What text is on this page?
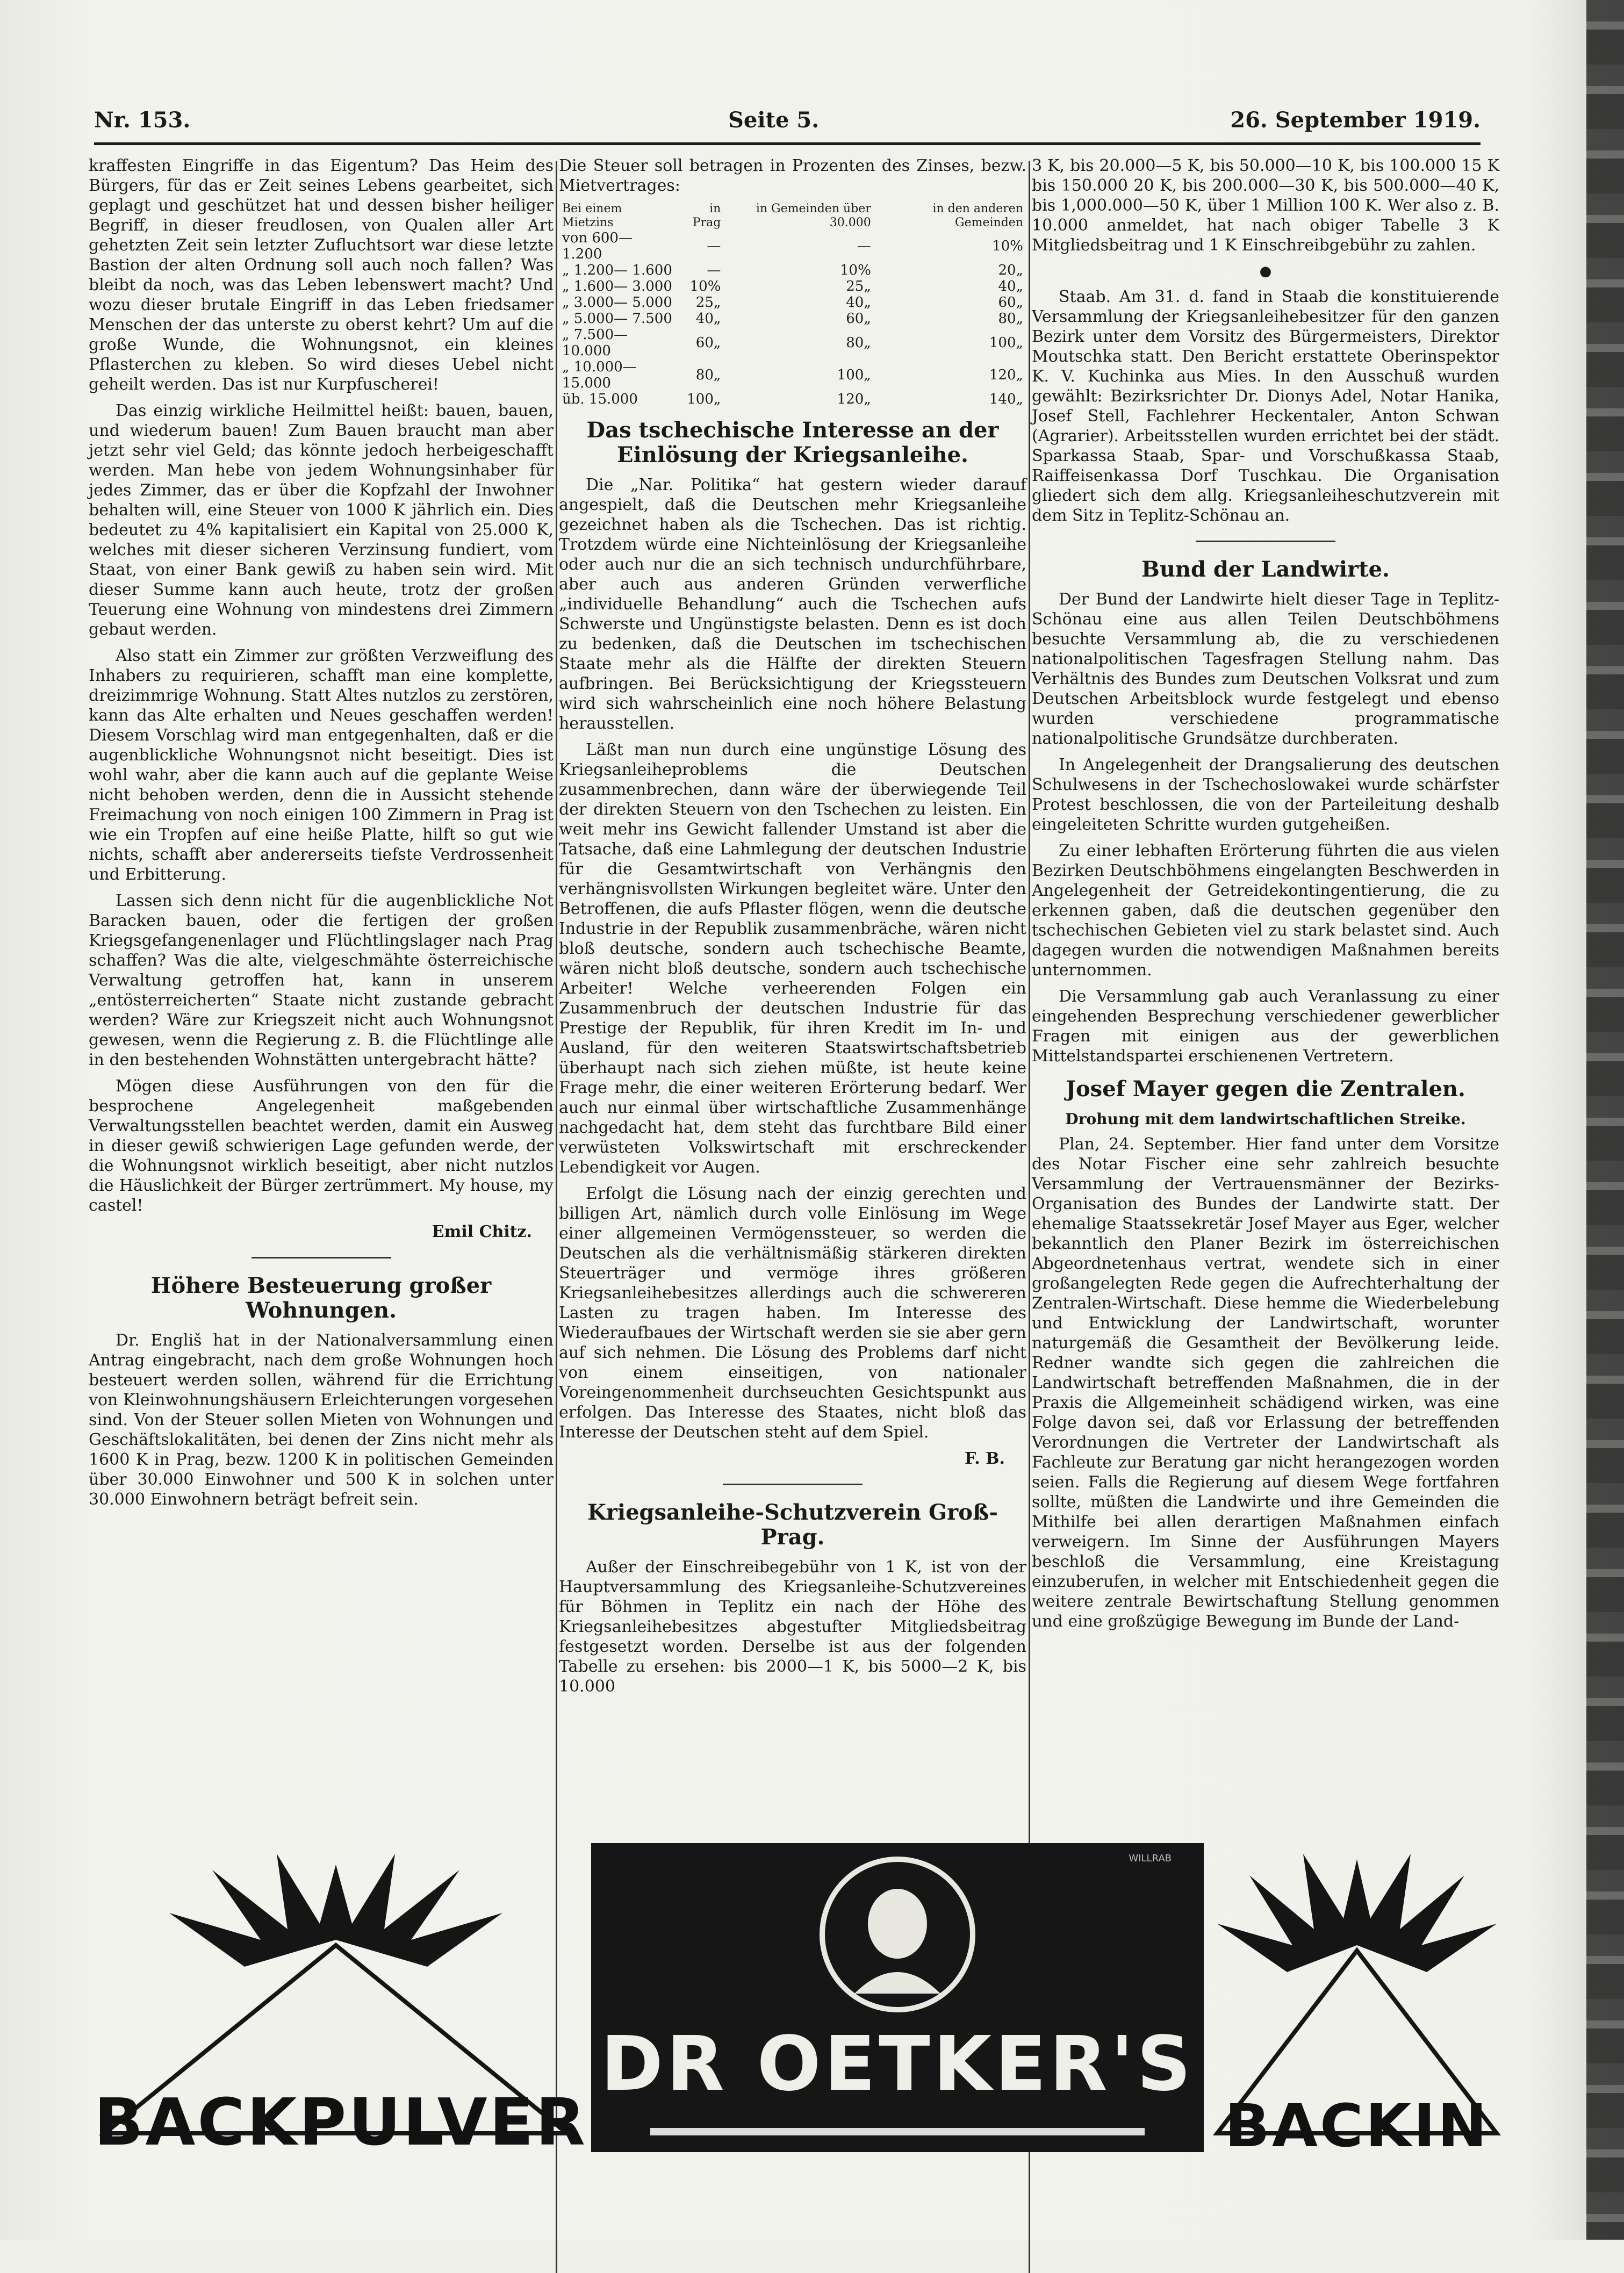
Nr. 153.	Seite 5.	26. September 1919.

kraffesten Eingriffe in das Eigentum? Das Heim des Bürgers, für das er Zeit seines Lebens gearbeitet, sich geplagt und geschützet hat und dessen bisher heiliger Begriff, in dieser freudlosen, von Qualen aller Art gehetzten Zeit sein letzter Zufluchtsort war diese letzte Bastion der alten Ordnung soll auch noch fallen? Was bleibt da noch, was das Leben lebenswert macht? Und wozu dieser brutale Eingriff in das Leben friedsamer Menschen der das unterste zu oberst kehrt? Um auf die große Wunde, die Wohnungsnot, ein kleines Pflasterchen zu kleben. So wird dieses Uebel nicht geheilt werden. Das ist nur Kurpfuscherei!

Das einzig wirkliche Heilmittel heißt: bauen, bauen, und wiederum bauen! Zum Bauen braucht man aber jetzt sehr viel Geld; das könnte jedoch herbeigeschafft werden. Man hebe von jedem Wohnungsinhaber für jedes Zimmer, das er über die Kopfzahl der Inwohner behalten will, eine Steuer von 1000 K jährlich ein. Dies bedeutet zu 4% kapitalisiert ein Kapital von 25.000 K, welches mit dieser sicheren Verzinsung fundiert, vom Staat, von einer Bank gewiß zu haben sein wird. Mit dieser Summe kann auch heute, trotz der großen Teuerung eine Wohnung von mindestens drei Zimmern gebaut werden.

Also statt ein Zimmer zur größten Verzweiflung des Inhabers zu requirieren, schafft man eine komplette, dreizimmrige Wohnung. Statt Altes nutzlos zu zerstören, kann das Alte erhalten und Neues geschaffen werden! Diesem Vorschlag wird man entgegenhalten, daß er die augenblickliche Wohnungsnot nicht beseitigt. Dies ist wohl wahr, aber die kann auch auf die geplante Weise nicht behoben werden, denn die in Aussicht stehende Freimachung von noch einigen 100 Zimmern in Prag ist wie ein Tropfen auf eine heiße Platte, hilft so gut wie nichts, schafft aber andererseits tiefste Verdrossenheit und Erbitterung.

Lassen sich denn nicht für die augenblickliche Not Baracken bauen, oder die fertigen der großen Kriegsgefangenenlager und Flüchtlingslager nach Prag schaffen? Was die alte, vielgeschmähte österreichische Verwaltung getroffen hat, kann in unserem „entösterreicherten“ Staate nicht zustande gebracht werden? Wäre zur Kriegszeit nicht auch Wohnungsnot gewesen, wenn die Regierung z. B. die Flüchtlinge alle in den bestehenden Wohnstätten untergebracht hätte?

Mögen diese Ausführungen von den für die besprochene Angelegenheit maßgebenden Verwaltungsstellen beachtet werden, damit ein Ausweg in dieser gewiß schwierigen Lage gefunden werde, der die Wohnungsnot wirklich beseitigt, aber nicht nutzlos die Häuslichkeit der Bürger zertrümmert. My house, my castel!

Emil Chitz.
Höhere Besteuerung großer Wohnungen.

Dr. Engliš hat in der Nationalversammlung einen Antrag eingebracht, nach dem große Wohnungen hoch besteuert werden sollen, während für die Errichtung von Kleinwohnungshäusern Erleichterungen vorgesehen sind. Von der Steuer sollen Mieten von Wohnungen und Geschäftslokalitäten, bei denen der Zins nicht mehr als 1600 K in Prag, bezw. 1200 K in politischen Gemeinden über 30.000 Einwohner und 500 K in solchen unter 30.000 Einwohnern beträgt befreit sein.

Die Steuer soll betragen in Prozenten des Zinses, bezw. Mietvertrages:

Bei einem Mietzins	in Prag	in Gemeinden über 30.000	in den anderen Gemeinden
von 600— 1.200	—	—	10%
„ 1.200— 1.600	—	10%	20„
„ 1.600— 3.000	10%	25„	40„
„ 3.000— 5.000	25„	40„	60„
„ 5.000— 7.500	40„	60„	80„
„ 7.500—10.000	60„	80„	100„
„ 10.000—15.000	80„	100„	120„
üb. 15.000	100„	120„	140„
Das tschechische Interesse an der Einlösung der Kriegsanleihe.

Die „Nar. Politika“ hat gestern wieder darauf angespielt, daß die Deutschen mehr Kriegsanleihe gezeichnet haben als die Tschechen. Das ist richtig. Trotzdem würde eine Nichteinlösung der Kriegsanleihe oder auch nur die an sich technisch undurchführbare, aber auch aus anderen Gründen verwerfliche „individuelle Behandlung“ auch die Tschechen aufs Schwerste und Ungünstigste belasten. Denn es ist doch zu bedenken, daß die Deutschen im tschechischen Staate mehr als die Hälfte der direkten Steuern aufbringen. Bei Berücksichtigung der Kriegssteuern wird sich wahrscheinlich eine noch höhere Belastung herausstellen.

Läßt man nun durch eine ungünstige Lösung des Kriegsanleiheproblems die Deutschen zusammenbrechen, dann wäre der überwiegende Teil der direkten Steuern von den Tschechen zu leisten. Ein weit mehr ins Gewicht fallender Umstand ist aber die Tatsache, daß eine Lahmlegung der deutschen Industrie für die Gesamtwirtschaft von Verhängnis den verhängnisvollsten Wirkungen begleitet wäre. Unter den Betroffenen, die aufs Pflaster flögen, wenn die deutsche Industrie in der Republik zusammenbräche, wären nicht bloß deutsche, sondern auch tschechische Beamte, wären nicht bloß deutsche, sondern auch tschechische Arbeiter! Welche verheerenden Folgen ein Zusammenbruch der deutschen Industrie für das Prestige der Republik, für ihren Kredit im In- und Ausland, für den weiteren Staatswirtschaftsbetrieb überhaupt nach sich ziehen müßte, ist heute keine Frage mehr, die einer weiteren Erörterung bedarf. Wer auch nur einmal über wirtschaftliche Zusammenhänge nachgedacht hat, dem steht das furchtbare Bild einer verwüsteten Volkswirtschaft mit erschreckender Lebendigkeit vor Augen.

Erfolgt die Lösung nach der einzig gerechten und billigen Art, nämlich durch volle Einlösung im Wege einer allgemeinen Vermögenssteuer, so werden die Deutschen als die verhältnismäßig stärkeren direkten Steuerträger und vermöge ihres größeren Kriegsanleihebesitzes allerdings auch die schwereren Lasten zu tragen haben. Im Interesse des Wiederaufbaues der Wirtschaft werden sie sie aber gern auf sich nehmen. Die Lösung des Problems darf nicht von einem einseitigen, von nationaler Voreingenommenheit durchseuchten Gesichtspunkt aus erfolgen. Das Interesse des Staates, nicht bloß das Interesse der Deutschen steht auf dem Spiel.

F. B.
Kriegsanleihe-Schutzverein Groß-Prag.

Außer der Einschreibegebühr von 1 K, ist von der Hauptversammlung des Kriegsanleihe-Schutzvereines für Böhmen in Teplitz ein nach der Höhe des Kriegsanleihebesitzes abgestufter Mitgliedsbeitrag festgesetzt worden. Derselbe ist aus der folgenden Tabelle zu ersehen: bis 2000—1 K, bis 5000—2 K, bis 10.000

3 K, bis 20.000—5 K, bis 50.000—10 K, bis 100.000 15 K bis 150.000 20 K, bis 200.000—30 K, bis 500.000—40 K, bis 1,000.000—50 K, über 1 Million 100 K. Wer also z. B. 10.000 anmeldet, hat nach obiger Tabelle 3 K Mitgliedsbeitrag und 1 K Einschreibgebühr zu zahlen.

●

Staab. Am 31. d. fand in Staab die konstituierende Versammlung der Kriegsanleihebesitzer für den ganzen Bezirk unter dem Vorsitz des Bürgermeisters, Direktor Moutschka statt. Den Bericht erstattete Oberinspektor K. V. Kuchinka aus Mies. In den Ausschuß wurden gewählt: Bezirksrichter Dr. Dionys Adel, Notar Hanika, Josef Stell, Fachlehrer Heckentaler, Anton Schwan (Agrarier). Arbeitsstellen wurden errichtet bei der städt. Sparkassa Staab, Spar- und Vorschußkassa Staab, Raiffeisenkassa Dorf Tuschkau. Die Organisation gliedert sich dem allg. Kriegsanleiheschutzverein mit dem Sitz in Teplitz-Schönau an.

Bund der Landwirte.

Der Bund der Landwirte hielt dieser Tage in Teplitz-Schönau eine aus allen Teilen Deutschböhmens besuchte Versammlung ab, die zu verschiedenen nationalpolitischen Tagesfragen Stellung nahm. Das Verhältnis des Bundes zum Deutschen Volksrat und zum Deutschen Arbeitsblock wurde festgelegt und ebenso wurden verschiedene programmatische nationalpolitische Grundsätze durchberaten.

In Angelegenheit der Drangsalierung des deutschen Schulwesens in der Tschechoslowakei wurde schärfster Protest beschlossen, die von der Parteileitung deshalb eingeleiteten Schritte wurden gutgeheißen.

Zu einer lebhaften Erörterung führten die aus vielen Bezirken Deutschböhmens eingelangten Beschwerden in Angelegenheit der Getreidekontingentierung, die zu erkennen gaben, daß die deutschen gegenüber den tschechischen Gebieten viel zu stark belastet sind. Auch dagegen wurden die notwendigen Maßnahmen bereits unternommen.

Die Versammlung gab auch Veranlassung zu einer eingehenden Besprechung verschiedener gewerblicher Fragen mit einigen aus der gewerblichen Mittelstandspartei erschienenen Vertretern.

Josef Mayer gegen die Zentralen.
Drohung mit dem landwirtschaftlichen Streike.

Plan, 24. September. Hier fand unter dem Vorsitze des Notar Fischer eine sehr zahlreich besuchte Versammlung der Vertrauensmänner der Bezirks-Organisation des Bundes der Landwirte statt. Der ehemalige Staatssekretär Josef Mayer aus Eger, welcher bekanntlich den Planer Bezirk im österreichischen Abgeordnetenhaus vertrat, wendete sich in einer großangelegten Rede gegen die Aufrechterhaltung der Zentralen-Wirtschaft. Diese hemme die Wiederbelebung und Entwicklung der Landwirtschaft, worunter naturgemäß die Gesamtheit der Bevölkerung leide. Redner wandte sich gegen die zahlreichen die Landwirtschaft betreffenden Maßnahmen, die in der Praxis die Allgemeinheit schädigend wirken, was eine Folge davon sei, daß vor Erlassung der betreffenden Verordnungen die Vertreter der Landwirtschaft als Fachleute zur Beratung gar nicht herangezogen worden seien. Falls die Regierung auf diesem Wege fortfahren sollte, müßten die Landwirte und ihre Gemeinden die Mithilfe bei allen derartigen Maßnahmen einfach verweigern. Im Sinne der Ausführungen Mayers beschloß die Versammlung, eine Kreistagung einzuberufen, in welcher mit Entschiedenheit gegen die weitere zentrale Bewirtschaftung Stellung genommen und eine großzügige Bewegung im Bunde der Land-

BACKPULVER
WILLRAB
DR OETKER'S
BACKIN
